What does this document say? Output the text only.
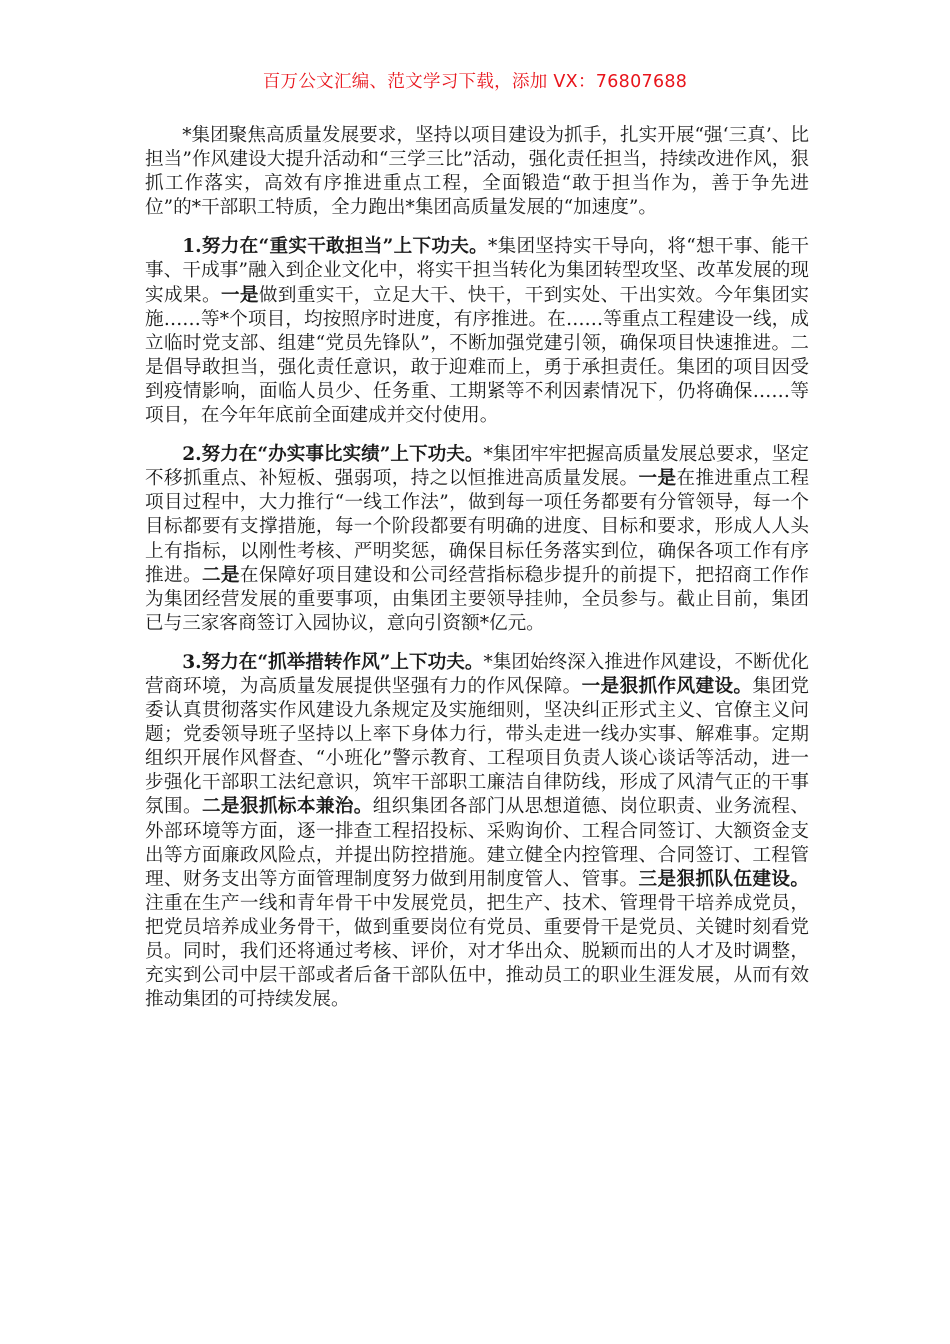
百万公文汇编、范文学习下载，添加 VX：76807688

*集团聚焦高质量发展要求，坚持以项目建设为抓手，扎实开展“强‘三真’、比担当”作风建设大提升活动和“三学三比”活动，强化责任担当，持续改进作风，狠抓工作落实，高效有序推进重点工程，全面锻造“敢于担当作为，善于争先进位”的*干部职工特质，全力跑出*集团高质量发展的“加速度”。

1.努力在“重实干敢担当”上下功夫。*集团坚持实干导向，将“想干事、能干事、干成事”融入到企业文化中，将实干担当转化为集团转型攻坚、改革发展的现实成果。一是做到重实干，立足大干、快干，干到实处、干出实效。今年集团实施……等*个项目，均按照序时进度，有序推进。在……等重点工程建设一线，成立临时党支部、组建“党员先锋队”，不断加强党建引领，确保项目快速推进。二是倡导敢担当，强化责任意识，敢于迎难而上，勇于承担责任。集团的项目因受到疫情影响，面临人员少、任务重、工期紧等不利因素情况下，仍将确保……等项目，在今年年底前全面建成并交付使用。

2.努力在“办实事比实绩”上下功夫。*集团牢牢把握高质量发展总要求，坚定不移抓重点、补短板、强弱项，持之以恒推进高质量发展。一是在推进重点工程项目过程中，大力推行“一线工作法”，做到每一项任务都要有分管领导，每一个目标都要有支撑措施，每一个阶段都要有明确的进度、目标和要求，形成人人头上有指标，以刚性考核、严明奖惩，确保目标任务落实到位，确保各项工作有序推进。二是在保障好项目建设和公司经营指标稳步提升的前提下，把招商工作作为集团经营发展的重要事项，由集团主要领导挂帅，全员参与。截止目前，集团已与三家客商签订入园协议，意向引资额*亿元。

3.努力在“抓举措转作风”上下功夫。*集团始终深入推进作风建设，不断优化营商环境，为高质量发展提供坚强有力的作风保障。一是狠抓作风建设。集团党委认真贯彻落实作风建设九条规定及实施细则，坚决纠正形式主义、官僚主义问题；党委领导班子坚持以上率下身体力行，带头走进一线办实事、解难事。定期组织开展作风督查、“小班化”警示教育、工程项目负责人谈心谈话等活动，进一步强化干部职工法纪意识，筑牢干部职工廉洁自律防线，形成了风清气正的干事氛围。二是狠抓标本兼治。组织集团各部门从思想道德、岗位职责、业务流程、外部环境等方面，逐一排查工程招投标、采购询价、工程合同签订、大额资金支出等方面廉政风险点，并提出防控措施。建立健全内控管理、合同签订、工程管理、财务支出等方面管理制度努力做到用制度管人、管事。三是狠抓队伍建设。注重在生产一线和青年骨干中发展党员，把生产、技术、管理骨干培养成党员，把党员培养成业务骨干，做到重要岗位有党员、重要骨干是党员、关键时刻看党员。同时，我们还将通过考核、评价，对才华出众、脱颖而出的人才及时调整，充实到公司中层干部或者后备干部队伍中，推动员工的职业生涯发展，从而有效推动集团的可持续发展。
